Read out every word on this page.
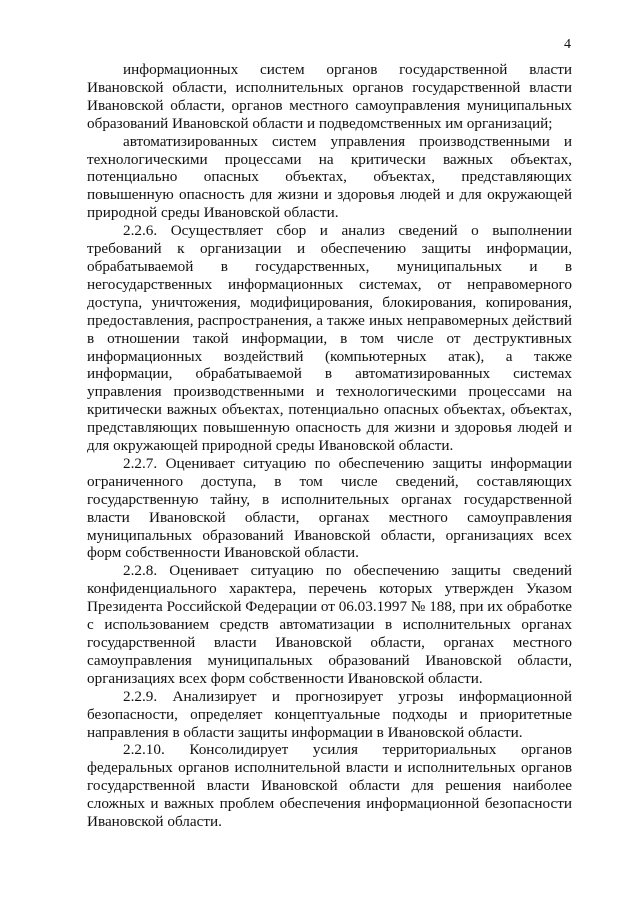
4

информационных систем органов государственной власти Ивановской области, исполнительных органов государственной власти Ивановской области, органов местного самоуправления муниципальных образований Ивановской области и подведомственных им организаций;

автоматизированных систем управления производственными и технологическими процессами на критически важных объектах, потенциально опасных объектах, объектах, представляющих повышенную опасность для жизни и здоровья людей и для окружающей природной среды Ивановской области.

2.2.6. Осуществляет сбор и анализ сведений о выполнении требований к организации и обеспечению защиты информации, обрабатываемой в государственных, муниципальных и в негосударственных информационных системах, от неправомерного доступа, уничтожения, модифицирования, блокирования, копирования, предоставления, распространения, а также иных неправомерных действий в отношении такой информации, в том числе от деструктивных информационных воздействий (компьютерных атак), а также информации, обрабатываемой в автоматизированных системах управления производственными и технологическими процессами на критически важных объектах, потенциально опасных объектах, объектах, представляющих повышенную опасность для жизни и здоровья людей и для окружающей природной среды Ивановской области.

2.2.7. Оценивает ситуацию по обеспечению защиты информации ограниченного доступа, в том числе сведений, составляющих государственную тайну, в исполнительных органах государственной власти Ивановской области, органах местного самоуправления муниципальных образований Ивановской области, организациях всех форм собственности Ивановской области.

2.2.8. Оценивает ситуацию по обеспечению защиты сведений конфиденциального характера, перечень которых утвержден Указом Президента Российской Федерации от 06.03.1997 № 188, при их обработке с использованием средств автоматизации в исполнительных органах государственной власти Ивановской области, органах местного самоуправления муниципальных образований Ивановской области, организациях всех форм собственности Ивановской области.

2.2.9. Анализирует и прогнозирует угрозы информационной безопасности, определяет концептуальные подходы и приоритетные направления в области защиты информации в Ивановской области.

2.2.10. Консолидирует усилия территориальных органов федеральных органов исполнительной власти и исполнительных органов государственной власти Ивановской области для решения наиболее сложных и важных проблем обеспечения информационной безопасности Ивановской области.
